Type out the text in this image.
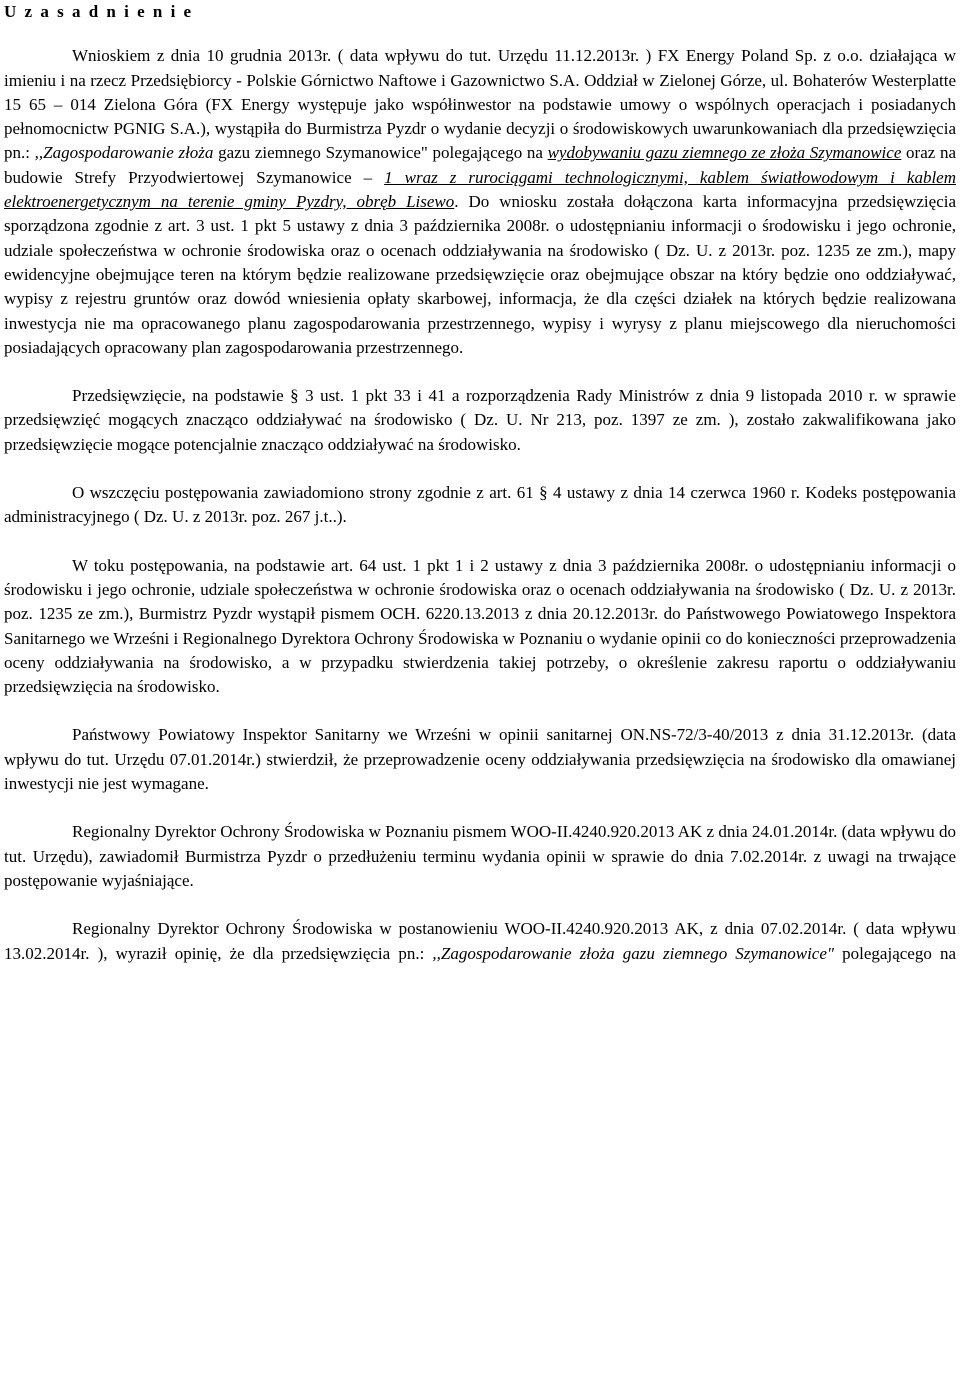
U z a s a d n i e n i e

Wnioskiem z dnia 10 grudnia 2013r. ( data wpływu do tut. Urzędu 11.12.2013r. ) FX Energy Poland Sp. z o.o. działająca w imieniu i na rzecz Przedsiębiorcy - Polskie Górnictwo Naftowe i Gazownictwo S.A. Oddział w Zielonej Górze, ul. Bohaterów Westerplatte 15 65 – 014 Zielona Góra (FX Energy występuje jako współinwestor na podstawie umowy o wspólnych operacjach i posiadanych pełnomocnictw PGNIG S.A.), wystąpiła do Burmistrza Pyzdr o wydanie decyzji o środowiskowych uwarunkowaniach dla przedsięwzięcia pn.: ,,Zagospodarowanie złoża gazu ziemnego Szymanowice" polegającego na wydobywaniu gazu ziemnego ze złoża Szymanowice oraz na budowie Strefy Przyodwiertowej Szymanowice – 1 wraz z rurociągami technologicznymi, kablem światłowodowym i kablem elektroenergetycznym na terenie gminy Pyzdry, obręb Lisewo. Do wniosku została dołączona karta informacyjna przedsięwzięcia sporządzona zgodnie z art. 3 ust. 1 pkt 5 ustawy z dnia 3 października 2008r. o udostępnianiu informacji o środowisku i jego ochronie, udziale społeczeństwa w ochronie środowiska oraz o ocenach oddziaływania na środowisko ( Dz. U. z 2013r. poz. 1235 ze zm.), mapy ewidencyjne obejmujące teren na którym będzie realizowane przedsięwzięcie oraz obejmujące obszar na który będzie ono oddziaływać, wypisy z rejestru gruntów oraz dowód wniesienia opłaty skarbowej, informacja, że dla części działek na których będzie realizowana inwestycja nie ma opracowanego planu zagospodarowania przestrzennego, wypisy i wyrysy z planu miejscowego dla nieruchomości posiadających opracowany plan zagospodarowania przestrzennego.

Przedsięwzięcie, na podstawie § 3 ust. 1 pkt 33 i 41 a rozporządzenia Rady Ministrów z dnia 9 listopada 2010 r. w sprawie przedsięwzięć mogących znacząco oddziaływać na środowisko ( Dz. U. Nr 213, poz. 1397 ze zm. ), zostało zakwalifikowana jako przedsięwzięcie mogące potencjalnie znacząco oddziaływać na środowisko.

O wszczęciu postępowania zawiadomiono strony zgodnie z art. 61 § 4 ustawy z dnia 14 czerwca 1960 r. Kodeks postępowania administracyjnego ( Dz. U. z 2013r. poz. 267 j.t..).

W toku postępowania, na podstawie art. 64 ust. 1 pkt 1 i 2 ustawy z dnia 3 października 2008r. o udostępnianiu informacji o środowisku i jego ochronie, udziale społeczeństwa w ochronie środowiska oraz o ocenach oddziaływania na środowisko ( Dz. U. z 2013r. poz. 1235 ze zm.), Burmistrz Pyzdr wystąpił pismem OCH. 6220.13.2013 z dnia 20.12.2013r. do Państwowego Powiatowego Inspektora Sanitarnego we Wrześni i Regionalnego Dyrektora Ochrony Środowiska w Poznaniu o wydanie opinii co do konieczności przeprowadzenia oceny oddziaływania na środowisko, a w przypadku stwierdzenia takiej potrzeby, o określenie zakresu raportu o oddziaływaniu przedsięwzięcia na środowisko.

Państwowy Powiatowy Inspektor Sanitarny we Wrześni w opinii sanitarnej ON.NS-72/3-40/2013 z dnia 31.12.2013r. (data wpływu do tut. Urzędu 07.01.2014r.) stwierdził, że przeprowadzenie oceny oddziaływania przedsięwzięcia na środowisko dla omawianej inwestycji nie jest wymagane.

Regionalny Dyrektor Ochrony Środowiska w Poznaniu pismem WOO-II.4240.920.2013 AK z dnia 24.01.2014r. (data wpływu do tut. Urzędu), zawiadomił Burmistrza Pyzdr o przedłużeniu terminu wydania opinii w sprawie do dnia 7.02.2014r. z uwagi na trwające postępowanie wyjaśniające.

Regionalny Dyrektor Ochrony Środowiska w postanowieniu WOO-II.4240.920.2013 AK, z dnia 07.02.2014r. ( data wpływu 13.02.2014r. ), wyraził opinię, że dla przedsięwzięcia pn.: ,,Zagospodarowanie złoża gazu ziemnego Szymanowice" polegającego na
